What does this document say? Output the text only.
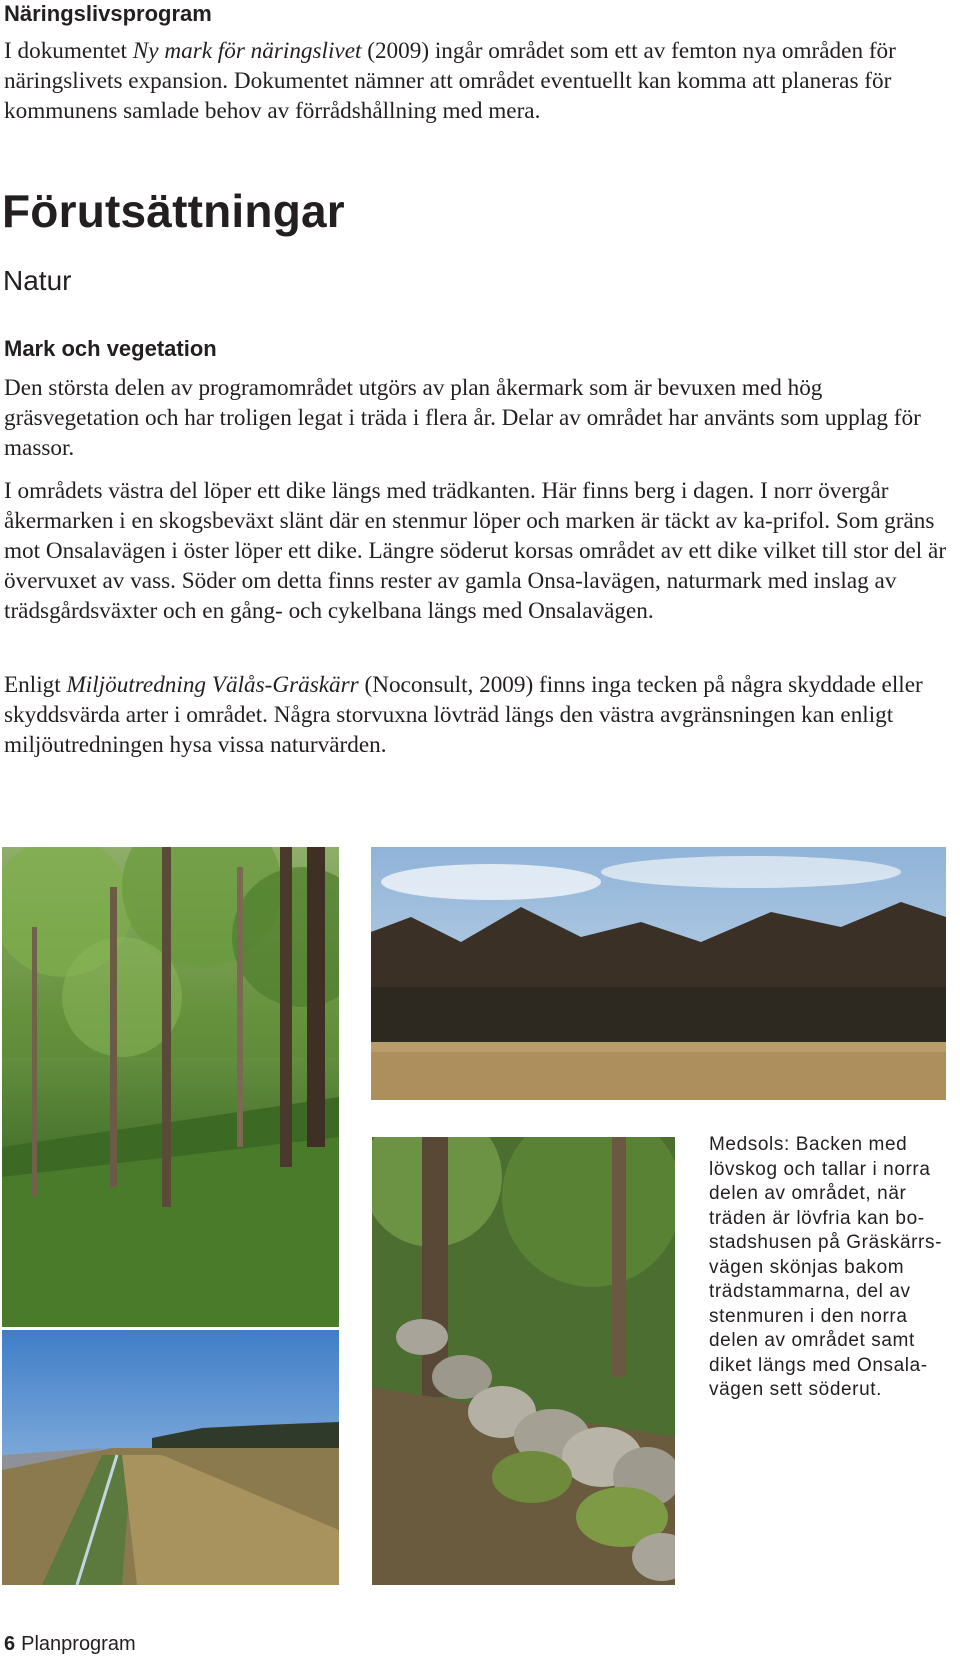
Näringslivsprogram

I dokumentet Ny mark för näringslivet (2009) ingår området som ett av femton nya områden för näringslivets expansion. Dokumentet nämner att området eventuellt kan komma att planeras för kommunens samlade behov av förrådshållning med mera.

Förutsättningar
Natur
Mark och vegetation

Den största delen av programområdet utgörs av plan åkermark som är bevuxen med hög gräsvegetation och har troligen legat i träda i flera år. Delar av området har använts som upplag för massor.

I områdets västra del löper ett dike längs med trädkanten. Här finns berg i dagen. I norr övergår åkermarken i en skogsbeväxt slänt där en stenmur löper och marken är täckt av ka-prifol. Som gräns mot Onsalavägen i öster löper ett dike. Längre söderut korsas området av ett dike vilket till stor del är övervuxet av vass. Söder om detta finns rester av gamla Onsa-lavägen, naturmark med inslag av trädsgårdsväxter och en gång- och cykelbana längs med Onsalavägen.

Enligt Miljöutredning Välås-Gräskärr (Noconsult, 2009) finns inga tecken på några skyddade eller skyddsvärda arter i området. Några storvuxna lövträd längs den västra avgränsningen kan enligt miljöutredningen hysa vissa naturvärden.

Medsols: Backen med lövskog och tallar i norra delen av området, när träden är lövfria kan bo-stadshusen på Gräskärrs-vägen skönjas bakom trädstammarna, del av stenmuren i den norra delen av området samt diket längs med Onsala-vägen sett söderut.

6 Planprogram
